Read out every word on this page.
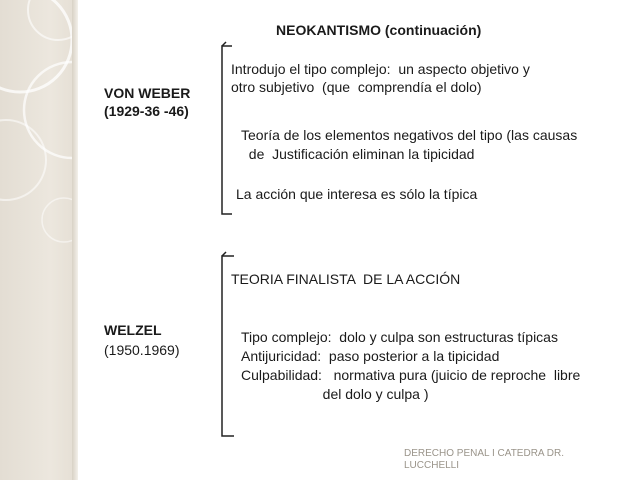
NEOKANTISMO (continuación)
VON WEBER
(1929-36 -46)
Introdujo el tipo complejo:  un aspecto objetivo y
otro subjetivo  (que  comprendía el dolo)
Teoría de los elementos negativos del tipo (las causas
de  Justificación eliminan la tipicidad
La acción que interesa es sólo la típica
WELZEL
(1950.1969)
TEORIA FINALISTA  DE LA ACCIÓN
Tipo complejo:  dolo y culpa son estructuras típicas
Antijuricidad:  paso posterior a la tipicidad
Culpabilidad:   normativa pura (juicio de reproche  libre
del dolo y culpa )
DERECHO PENAL I CATEDRA DR. LUCCHELLI
